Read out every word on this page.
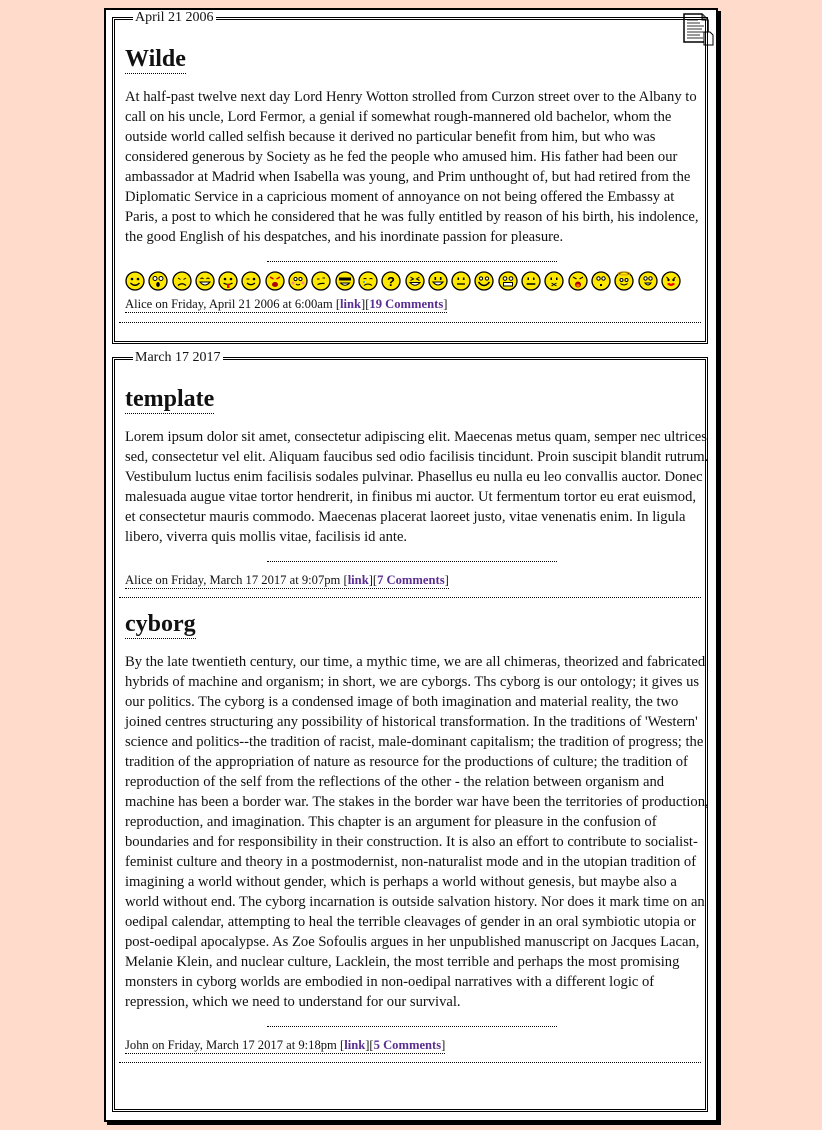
April 21 2006
Wilde

At half-past twelve next day Lord Henry Wotton strolled from Curzon street over to the Albany to call on his uncle, Lord Fermor, a genial if somewhat rough-mannered old bachelor, whom the outside world called selfish because it derived no particular benefit from him, but who was considered generous by Society as he fed the people who amused him. His father had been our ambassador at Madrid when Isabella was young, and Prim unthought of, but had retired from the Diplomatic Service in a capricious moment of annoyance on not being offered the Embassy at Paris, a post to which he considered that he was fully entitled by reason of his birth, his indolence, the good English of his despatches, and his inordinate passion for pleasure.

?
Alice on Friday, April 21 2006 at 6:00am [link][19 Comments]
March 17 2017
template

Lorem ipsum dolor sit amet, consectetur adipiscing elit. Maecenas metus quam, semper nec ultrices sed, consectetur vel elit. Aliquam faucibus sed odio facilisis tincidunt. Proin suscipit blandit rutrum. Vestibulum luctus enim facilisis sodales pulvinar. Phasellus eu nulla eu leo convallis auctor. Donec malesuada augue vitae tortor hendrerit, in finibus mi auctor. Ut fermentum tortor eu erat euismod, et consectetur mauris commodo. Maecenas placerat laoreet justo, vitae venenatis enim. In ligula libero, viverra quis mollis vitae, facilisis id ante.

Alice on Friday, March 17 2017 at 9:07pm [link][7 Comments]
cyborg

By the late twentieth century, our time, a mythic time, we are all chimeras, theorized and fabricated hybrids of machine and organism; in short, we are cyborgs. Ths cyborg is our ontology; it gives us our politics. The cyborg is a condensed image of both imagination and material reality, the two joined centres structuring any possibility of historical transformation. In the traditions of 'Western' science and politics--the tradition of racist, male-dominant capitalism; the tradition of progress; the tradition of the appropriation of nature as resource for the productions of culture; the tradition of reproduction of the self from the reflections of the other - the relation between organism and machine has been a border war. The stakes in the border war have been the territories of production, reproduction, and imagination. This chapter is an argument for pleasure in the confusion of boundaries and for responsibility in their construction. It is also an effort to contribute to socialist-feminist culture and theory in a postmodernist, non-naturalist mode and in the utopian tradition of imagining a world without gender, which is perhaps a world without genesis, but maybe also a world without end. The cyborg incarnation is outside salvation history. Nor does it mark time on an oedipal calendar, attempting to heal the terrible cleavages of gender in an oral symbiotic utopia or post-oedipal apocalypse. As Zoe Sofoulis argues in her unpublished manuscript on Jacques Lacan, Melanie Klein, and nuclear culture, Lacklein, the most terrible and perhaps the most promising monsters in cyborg worlds are embodied in non-oedipal narratives with a different logic of repression, which we need to understand for our survival.

John on Friday, March 17 2017 at 9:18pm [link][5 Comments]
